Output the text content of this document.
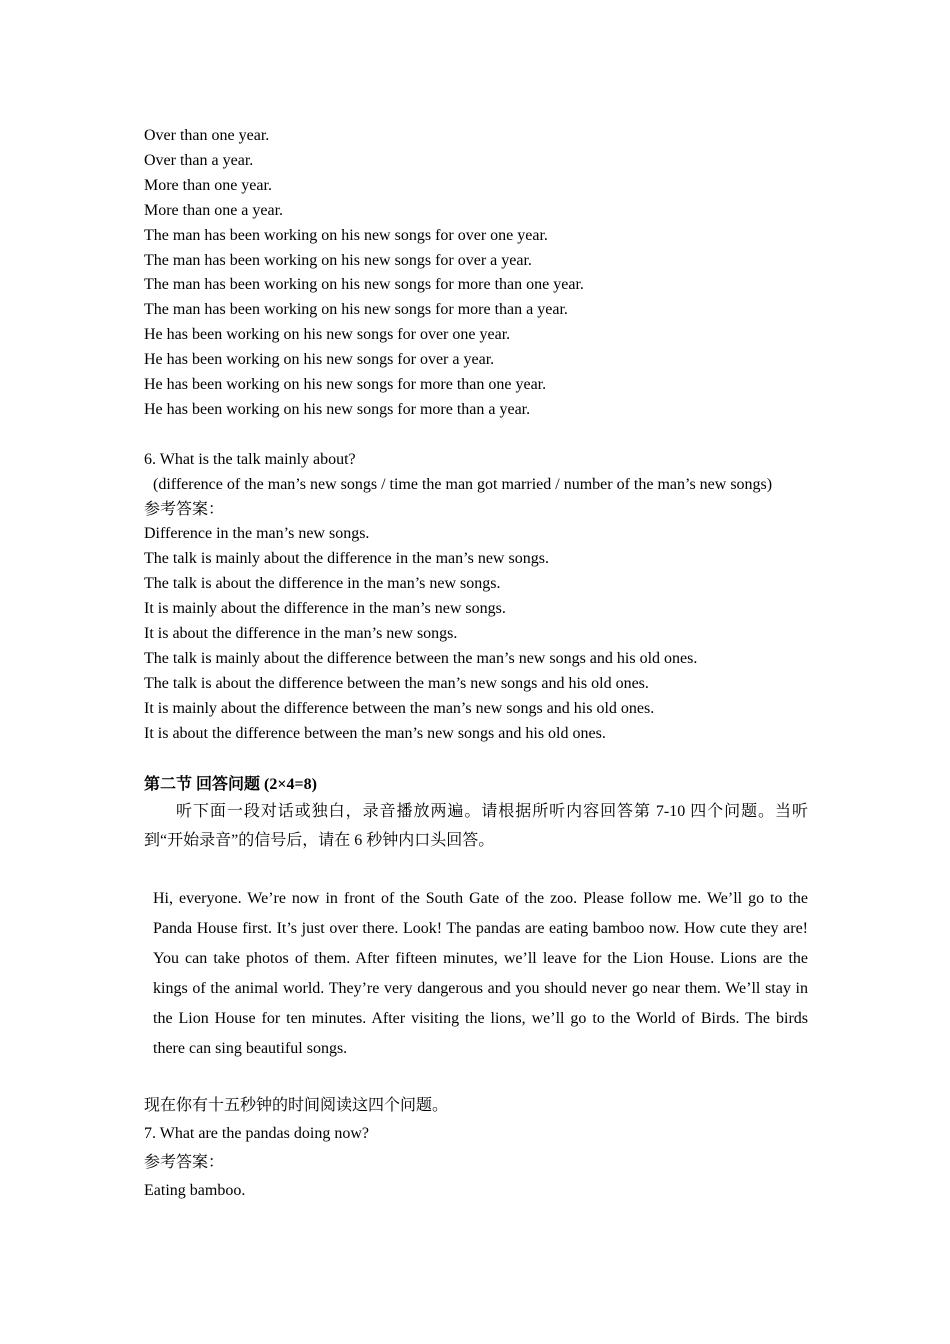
Over than one year.
Over than a year.
More than one year.
More than one a year.
The man has been working on his new songs for over one year.
The man has been working on his new songs for over a year.
The man has been working on his new songs for more than one year.
The man has been working on his new songs for more than a year.
He has been working on his new songs for over one year.
He has been working on his new songs for over a year.
He has been working on his new songs for more than one year.
He has been working on his new songs for more than a year.
6. What is the talk mainly about?
(difference of the man’s new songs / time the man got married / number of the man’s new songs)
参考答案：
Difference in the man’s new songs.
The talk is mainly about the difference in the man’s new songs.
The talk is about the difference in the man’s new songs.
It is mainly about the difference in the man’s new songs.
It is about the difference in the man’s new songs.
The talk is mainly about the difference between the man’s new songs and his old ones.
The talk is about the difference between the man’s new songs and his old ones.
It is mainly about the difference between the man’s new songs and his old ones.
It is about the difference between the man’s new songs and his old ones.
第二节 回答问题 (2×4=8)
听下面一段对话或独白，录音播放两遍。请根据所听内容回答第 7-10 四个问题。当听到“开始录音”的信号后，请在 6 秒钟内口头回答。
Hi, everyone. We’re now in front of the South Gate of the zoo. Please follow me. We’ll go to the Panda House first. It’s just over there. Look! The pandas are eating bamboo now. How cute they are! You can take photos of them. After fifteen minutes, we’ll leave for the Lion House. Lions are the kings of the animal world. They’re very dangerous and you should never go near them. We’ll stay in the Lion House for ten minutes. After visiting the lions, we’ll go to the World of Birds. The birds there can sing beautiful songs.
现在你有十五秒钟的时间阅读这四个问题。
7. What are the pandas doing now?
参考答案：
Eating bamboo.
